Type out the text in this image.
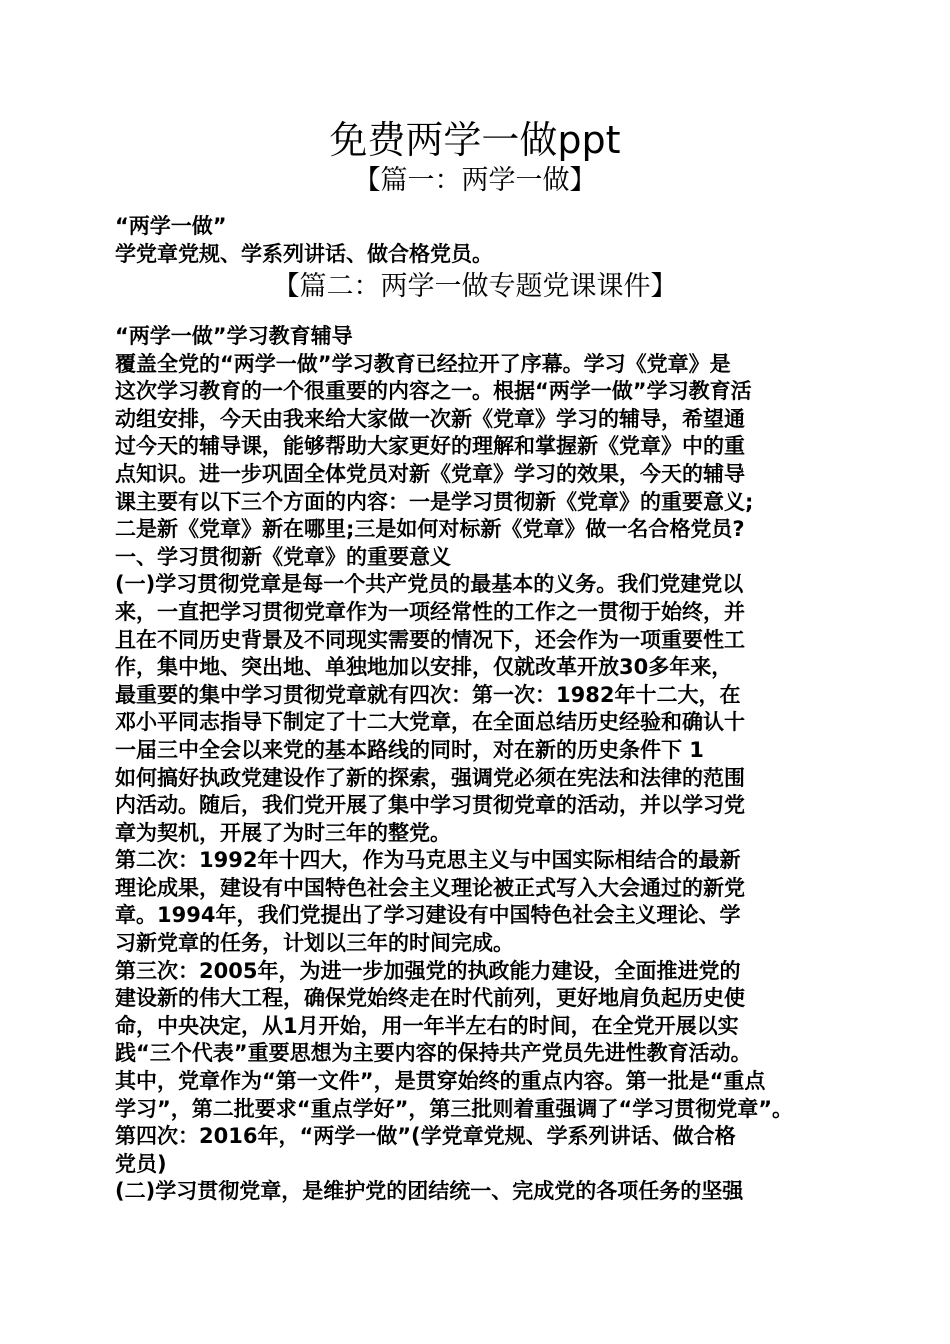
免费两学一做ppt
【篇一：两学一做】
“两学一做”
学党章党规、学系列讲话、做合格党员。
【篇二：两学一做专题党课课件】
“两学一做”学习教育辅导
覆盖全党的“两学一做”学习教育已经拉开了序幕。学习《党章》是
这次学习教育的一个很重要的内容之一。根据“两学一做”学习教育活
动组安排，今天由我来给大家做一次新《党章》学习的辅导，希望通
过今天的辅导课，能够帮助大家更好的理解和掌握新《党章》中的重
点知识。进一步巩固全体党员对新《党章》学习的效果，今天的辅导
课主要有以下三个方面的内容：一是学习贯彻新《党章》的重要意义;
二是新《党章》新在哪里;三是如何对标新《党章》做一名合格党员?
一、学习贯彻新《党章》的重要意义
(一)学习贯彻党章是每一个共产党员的最基本的义务。我们党建党以
来，一直把学习贯彻党章作为一项经常性的工作之一贯彻于始终，并
且在不同历史背景及不同现实需要的情况下，还会作为一项重要性工
作，集中地、突出地、单独地加以安排，仅就改革开放30多年来，
最重要的集中学习贯彻党章就有四次：第一次：1982年十二大，在
邓小平同志指导下制定了十二大党章，在全面总结历史经验和确认十
一届三中全会以来党的基本路线的同时，对在新的历史条件下 1
如何搞好执政党建设作了新的探索，强调党必须在宪法和法律的范围
内活动。随后，我们党开展了集中学习贯彻党章的活动，并以学习党
章为契机，开展了为时三年的整党。
第二次：1992年十四大，作为马克思主义与中国实际相结合的最新
理论成果，建设有中国特色社会主义理论被正式写入大会通过的新党
章。1994年，我们党提出了学习建设有中国特色社会主义理论、学
习新党章的任务，计划以三年的时间完成。
第三次：2005年，为进一步加强党的执政能力建设，全面推进党的
建设新的伟大工程，确保党始终走在时代前列，更好地肩负起历史使
命，中央决定，从1月开始，用一年半左右的时间，在全党开展以实
践“三个代表”重要思想为主要内容的保持共产党员先进性教育活动。
其中，党章作为“第一文件”，是贯穿始终的重点内容。第一批是“重点
学习”，第二批要求“重点学好”，第三批则着重强调了“学习贯彻党章”。
第四次：2016年，“两学一做”(学党章党规、学系列讲话、做合格
党员)
(二)学习贯彻党章，是维护党的团结统一、完成党的各项任务的坚强
